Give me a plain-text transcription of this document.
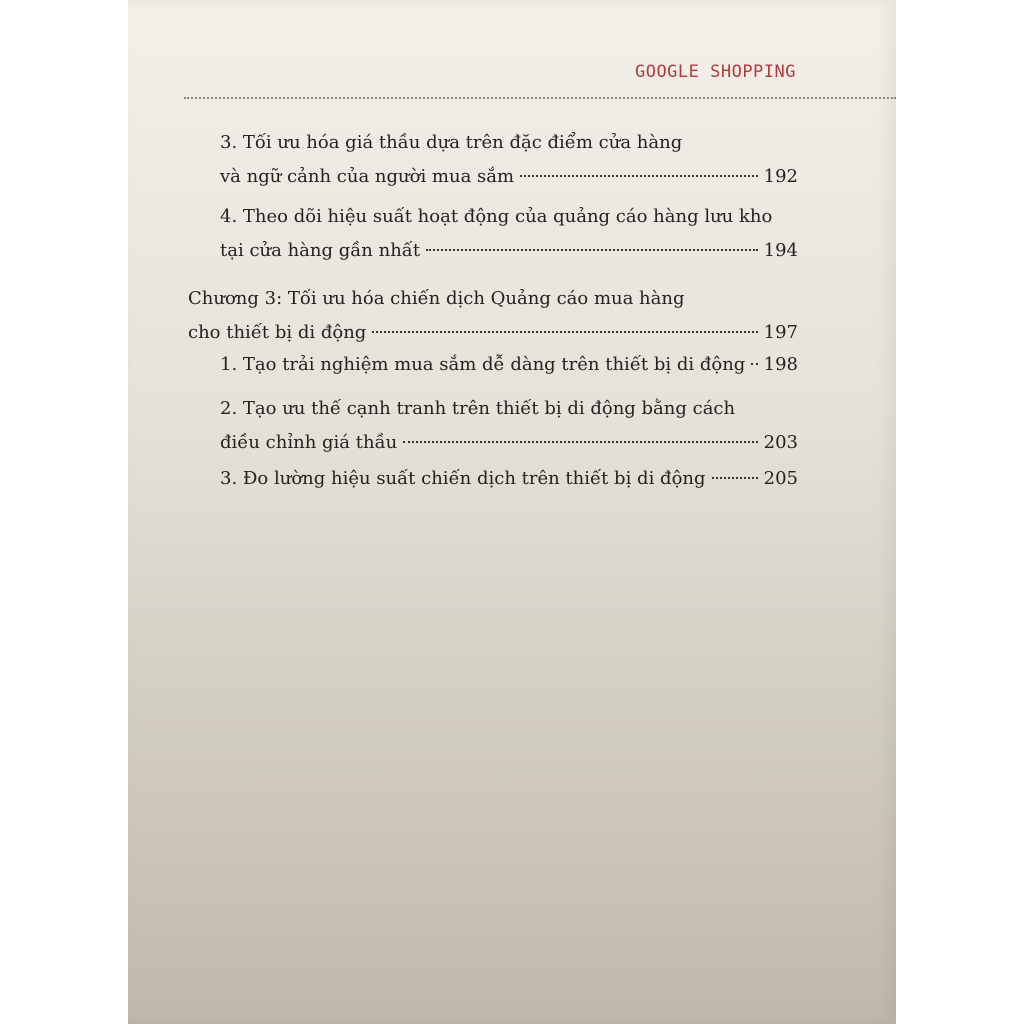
GOOGLE SHOPPING
3. Tối ưu hóa giá thầu dựa trên đặc điểm cửa hàng
và ngữ cảnh của người mua sắm	192
4. Theo dõi hiệu suất hoạt động của quảng cáo hàng lưu kho
tại cửa hàng gần nhất	194
Chương 3: Tối ưu hóa chiến dịch Quảng cáo mua hàng
cho thiết bị di động	197
1. Tạo trải nghiệm mua sắm dễ dàng trên thiết bị di động 198
2. Tạo ưu thế cạnh tranh trên thiết bị di động bằng cách
điều chỉnh giá thầu	203
3. Đo lường hiệu suất chiến dịch trên thiết bị di động	205
